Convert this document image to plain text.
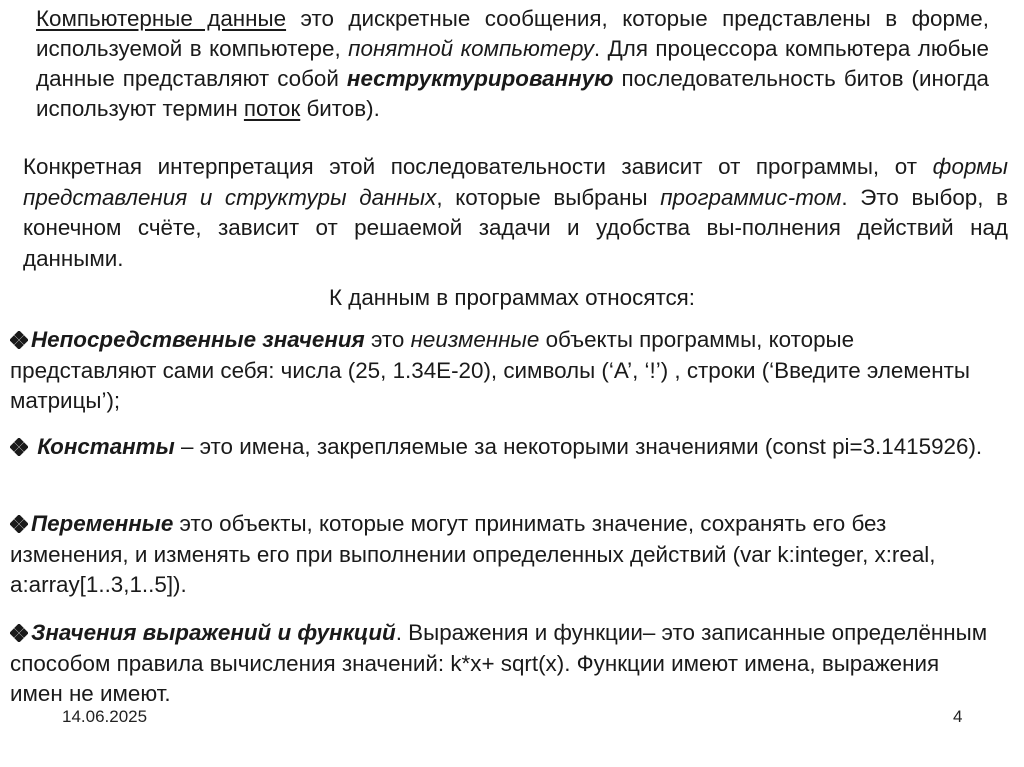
Компьютерные данные это дискретные сообщения, которые представлены в форме, используемой в компьютере, понятной компьютеру. Для процессора компьютера любые данные представляют собой неструктурированную последовательность битов (иногда используют термин поток битов).

Конкретная интерпретация этой последовательности зависит от программы, от формы представления и структуры данных, которые выбраны программис-том. Это выбор, в конечном счёте, зависит от решаемой задачи и удобства вы-полнения действий над данными.

К данным в программах относятся:

Непосредственные значения это неизменные объекты программы, которые представляют сами себя: числа (25, 1.34E-20), символы (‘A’, ‘!’) , строки (‘Введите элементы матрицы’);

Константы – это имена, закрепляемые за некоторыми значениями (const pi=3.1415926).

Переменные это объекты, которые могут принимать значение, сохранять его без изменения, и изменять его при выполнении определенных действий (var k:integer, x:real, a:array[1..3,1..5]).

Значения выражений и функций. Выражения и функции– это записанные определённым способом правила вычисления значений: k*x+ sqrt(x). Функции имеют имена, выражения имен не имеют.

14.06.2025	4
